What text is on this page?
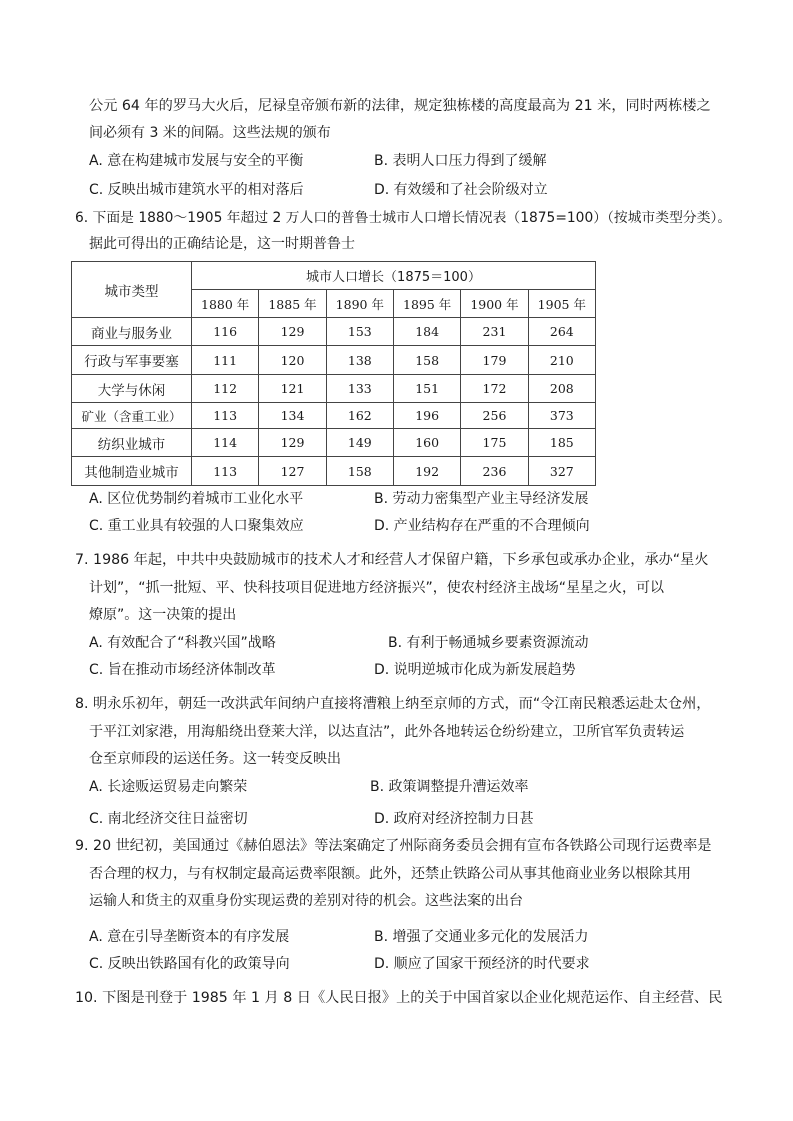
公元 64 年的罗马大火后，尼禄皇帝颁布新的法律，规定独栋楼的高度最高为 21 米，同时两栋楼之
间必须有 3 米的间隔。这些法规的颁布
A. 意在构建城市发展与安全的平衡	B. 表明人口压力得到了缓解
C. 反映出城市建筑水平的相对落后	D. 有效缓和了社会阶级对立
6. 下面是 1880～1905 年超过 2 万人口的普鲁士城市人口增长情况表（1875=100）（按城市类型分类）。
据此可得出的正确结论是，这一时期普鲁士
城市类型	城市人口增长（1875＝100）					
	1880 年	1885 年	1890 年	1895 年	1900 年	1905 年
商业与服务业	116	129	153	184	231	264
行政与军事要塞	111	120	138	158	179	210
大学与休闲	112	121	133	151	172	208
矿业（含重工业）	113	134	162	196	256	373
纺织业城市	114	129	149	160	175	185
其他制造业城市	113	127	158	192	236	327
A. 区位优势制约着城市工业化水平	B. 劳动力密集型产业主导经济发展
C. 重工业具有较强的人口聚集效应	D. 产业结构存在严重的不合理倾向
7. 1986 年起，中共中央鼓励城市的技术人才和经营人才保留户籍，下乡承包或承办企业，承办“星火
计划”，“抓一批短、平、快科技项目促进地方经济振兴”，使农村经济主战场“星星之火，可以
燎原”。这一决策的提出
A. 有效配合了“科教兴国”战略	B. 有利于畅通城乡要素资源流动
C. 旨在推动市场经济体制改革	D. 说明逆城市化成为新发展趋势
8. 明永乐初年，朝廷一改洪武年间纳户直接将漕粮上纳至京师的方式，而“令江南民粮悉运赴太仓州，
于平江刘家港，用海船绕出登莱大洋，以达直沽”，此外各地转运仓纷纷建立，卫所官军负责转运
仓至京师段的运送任务。这一转变反映出
A. 长途贩运贸易走向繁荣	B. 政策调整提升漕运效率
C. 南北经济交往日益密切	D. 政府对经济控制力日甚
9. 20 世纪初，美国通过《赫伯恩法》等法案确定了州际商务委员会拥有宣布各铁路公司现行运费率是
否合理的权力，与有权制定最高运费率限额。此外，还禁止铁路公司从事其他商业业务以根除其用
运输人和货主的双重身份实现运费的差别对待的机会。这些法案的出台
A. 意在引导垄断资本的有序发展	B. 增强了交通业多元化的发展活力
C. 反映出铁路国有化的政策导向	D. 顺应了国家干预经济的时代要求
10. 下图是刊登于 1985 年 1 月 8 日《人民日报》上的关于中国首家以企业化规范运作、自主经营、民
